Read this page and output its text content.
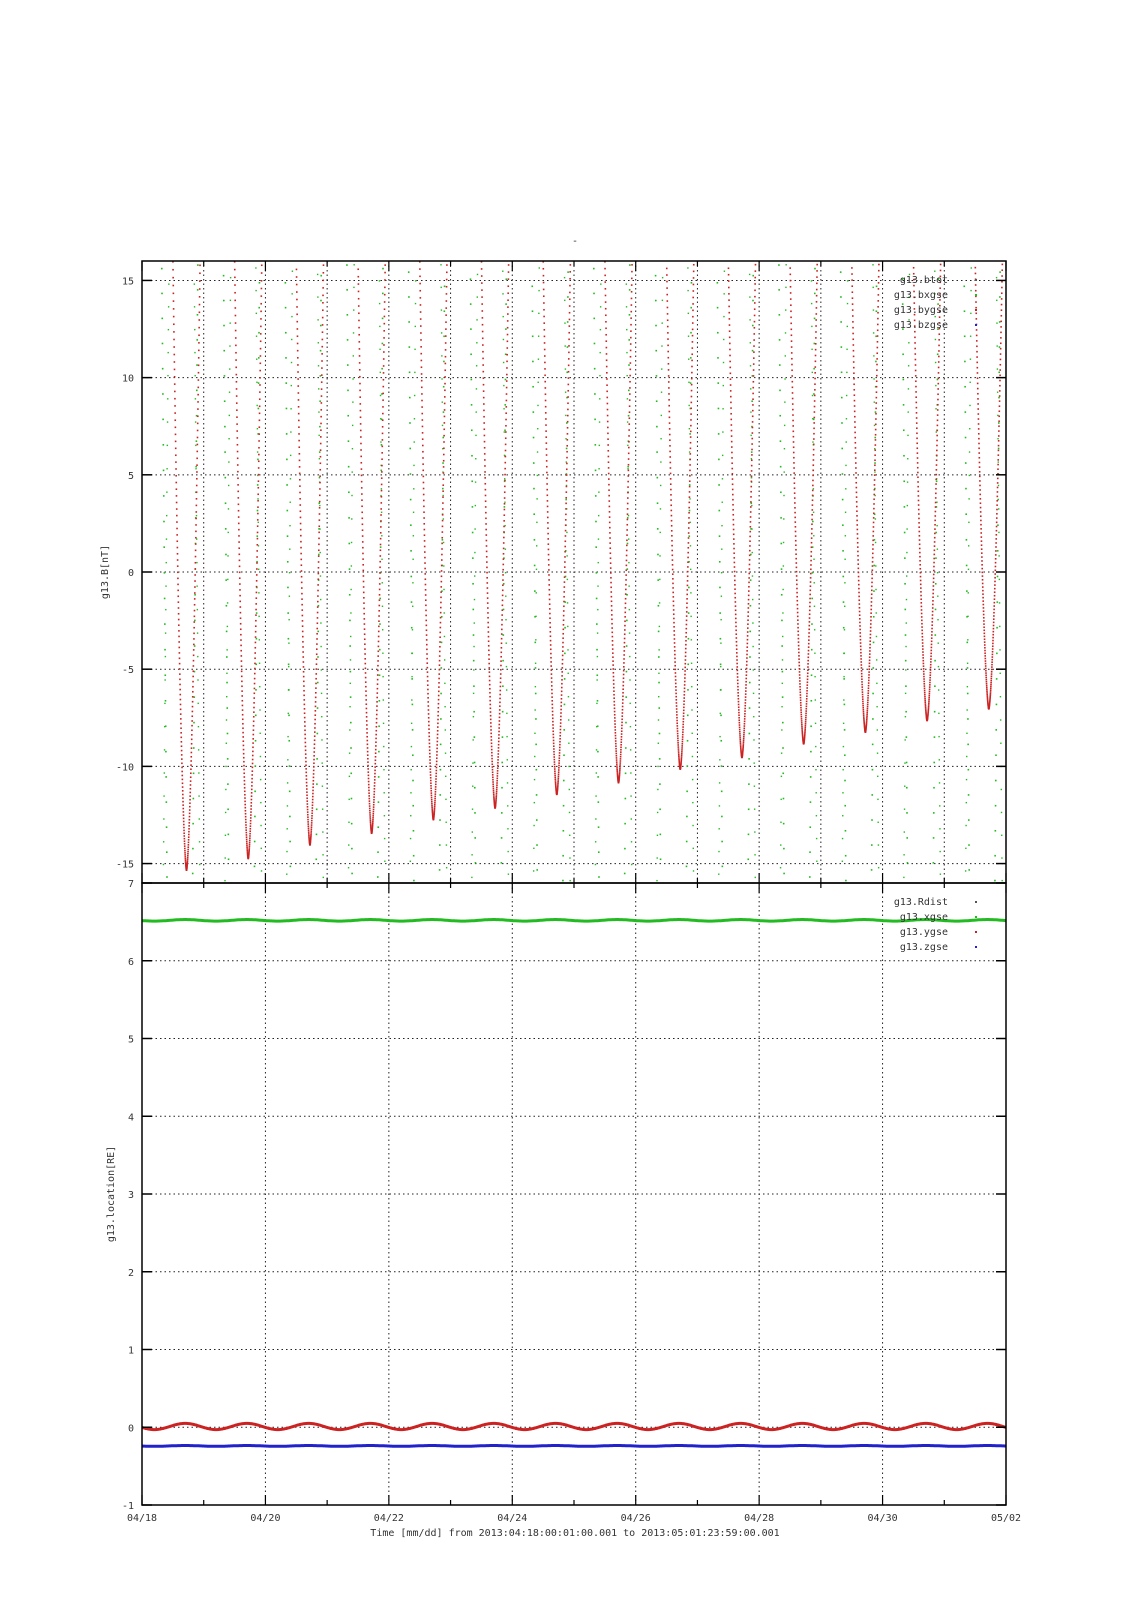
-
-15
-10
-5
0
5
10
15
g13.B[nT]
g13.btot
g13.bxgse
g13.bygse
g13.bzgse
-1
0
1
2
3
4
5
6
7
g13.location[RE]
g13.Rdist
g13.xgse
g13.ygse
g13.zgse
04/18	04/20	04/22	04/24	04/26	04/28	04/30	05/02
Time [mm/dd] from 2013:04:18:00:01:00.001 to 2013:05:01:23:59:00.001
